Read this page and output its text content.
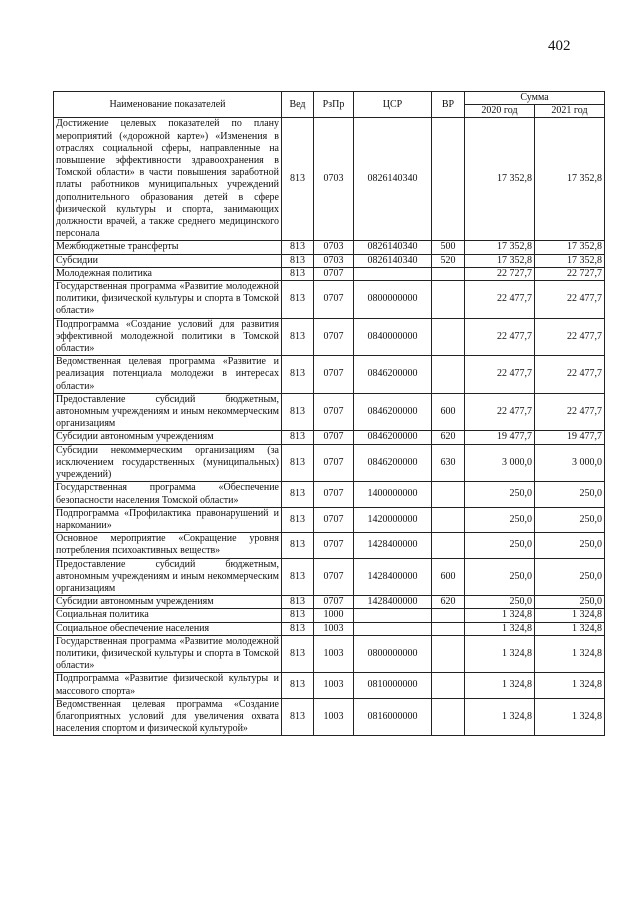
402
Наименование показателей	Вед	РзПр	ЦСР	ВР	Сумма	
					2020 год	2021 год
Достижение целевых показателей по плану мероприятий («дорожной карте») «Изменения в отраслях социальной сферы, направленные на повышение эффективности здравоохранения в Томской области» в части повышения заработной платы работников муниципальных учреждений дополнительного образования детей в сфере физической культуры и спорта, занимающих должности врачей, а также среднего медицинского персонала	813	0703	0826140340		17 352,8	17 352,8
Межбюджетные трансферты	813	0703	0826140340	500	17 352,8	17 352,8
Субсидии	813	0703	0826140340	520	17 352,8	17 352,8
Молодежная политика	813	0707			22 727,7	22 727,7
Государственная программа «Развитие молодежной политики, физической культуры и спорта в Томской области»	813	0707	0800000000		22 477,7	22 477,7
Подпрограмма «Создание условий для развития эффективной молодежной политики в Томской области»	813	0707	0840000000		22 477,7	22 477,7
Ведомственная целевая программа «Развитие и реализация потенциала молодежи в интересах области»	813	0707	0846200000		22 477,7	22 477,7
Предоставление субсидий бюджетным, автономным учреждениям и иным некоммерческим организациям	813	0707	0846200000	600	22 477,7	22 477,7
Субсидии автономным учреждениям	813	0707	0846200000	620	19 477,7	19 477,7
Субсидии некоммерческим организациям (за исключением государственных (муниципальных) учреждений)	813	0707	0846200000	630	3 000,0	3 000,0
Государственная программа «Обеспечение безопасности населения Томской области»	813	0707	1400000000		250,0	250,0
Подпрограмма «Профилактика правонарушений и наркомании»	813	0707	1420000000		250,0	250,0
Основное мероприятие «Сокращение уровня потребления психоактивных веществ»	813	0707	1428400000		250,0	250,0
Предоставление субсидий бюджетным, автономным учреждениям и иным некоммерческим организациям	813	0707	1428400000	600	250,0	250,0
Субсидии автономным учреждениям	813	0707	1428400000	620	250,0	250,0
Социальная политика	813	1000			1 324,8	1 324,8
Социальное обеспечение населения	813	1003			1 324,8	1 324,8
Государственная программа «Развитие молодежной политики, физической культуры и спорта в Томской области»	813	1003	0800000000		1 324,8	1 324,8
Подпрограмма «Развитие физической культуры и массового спорта»	813	1003	0810000000		1 324,8	1 324,8
Ведомственная целевая программа «Создание благоприятных условий для увеличения охвата населения спортом и физической культурой»	813	1003	0816000000		1 324,8	1 324,8
